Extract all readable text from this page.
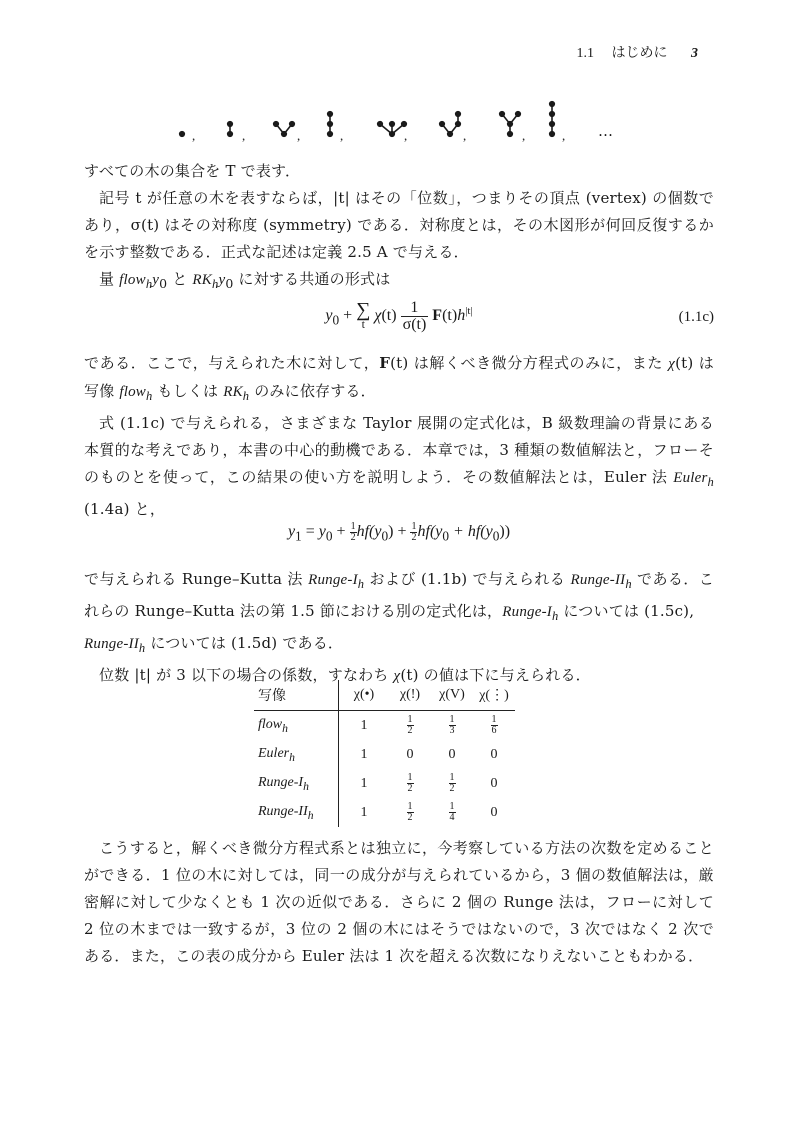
1.1 はじめに 3
,	,	,	,	,	,	,	, …

すべての木の集合を T で表す．

記号 t が任意の木を表すならば，|t| はその「位数」，つまりその頂点 (vertex) の個数であり，σ(t) はその対称度 (symmetry) である．対称度とは，その木図形が何回反復するかを示す整数である．正式な記述は定義 2.5 A で与える．

量 $flow_hy_0$ と $RK_hy_0$ に対する共通の形式は

$y_0$ + ∑
t $\chi(t) \frac{1}{\sigma(t)} F(t)h^{|t|}$	(1.1c)

である．ここで，与えられた木に対して，F(t) は解くべき微分方程式のみに，また χ(t) は写像 flow$_h$ もしくは $RK_h$ のみに依存する．

式 (1.1c) で与えられる，さまざまな Taylor 展開の定式化は，B 級数理論の背景にある本質的な考えであり，本書の中心的動機である．本章では，3 種類の数値解法と，フローそのものとを使って，この結果の使い方を説明しよう．その数値解法とは，Euler 法 Euler$_h$ (1.4a) と，

$y_1 = y_0 + \frac{1}{2}hf(y_0) + \frac{1}{2}hf(y_0 + hf(y_0))$

で与えられる Runge–Kutta 法 Runge-$I_h$ および (1.1b) で与えられる Runge-$II_h$ である．これらの Runge–Kutta 法の第 1.5 節における別の定式化は，Runge-$I_h$ については (1.5c),

Runge-$II_h$ については (1.5d) である．

位数 |t| が 3 以下の場合の係数，すなわち χ(t) の値は下に与えられる．

写像	χ(•)	χ(ǃ)	χ(V)	χ(⋮)
flow$_h$	1	$\frac{1}{2}$	$\frac{1}{3}$	$\frac{1}{6}$
Euler$_h$	1	0	0	0
Runge-$I_h$	1	$\frac{1}{2}$	$\frac{1}{2}$	0
Runge-$II_h$	1	$\frac{1}{2}$	$\frac{1}{4}$	0

こうすると，解くべき微分方程式系とは独立に，今考察している方法の次数を定めることができる．1 位の木に対しては，同一の成分が与えられているから，3 個の数値解法は，厳密解に対して少なくとも 1 次の近似である．さらに 2 個の Runge 法は，フローに対して 2 位の木までは一致するが，3 位の 2 個の木にはそうではないので，3 次ではなく 2 次である．また，この表の成分から Euler 法は 1 次を超える次数になりえないこともわかる．
